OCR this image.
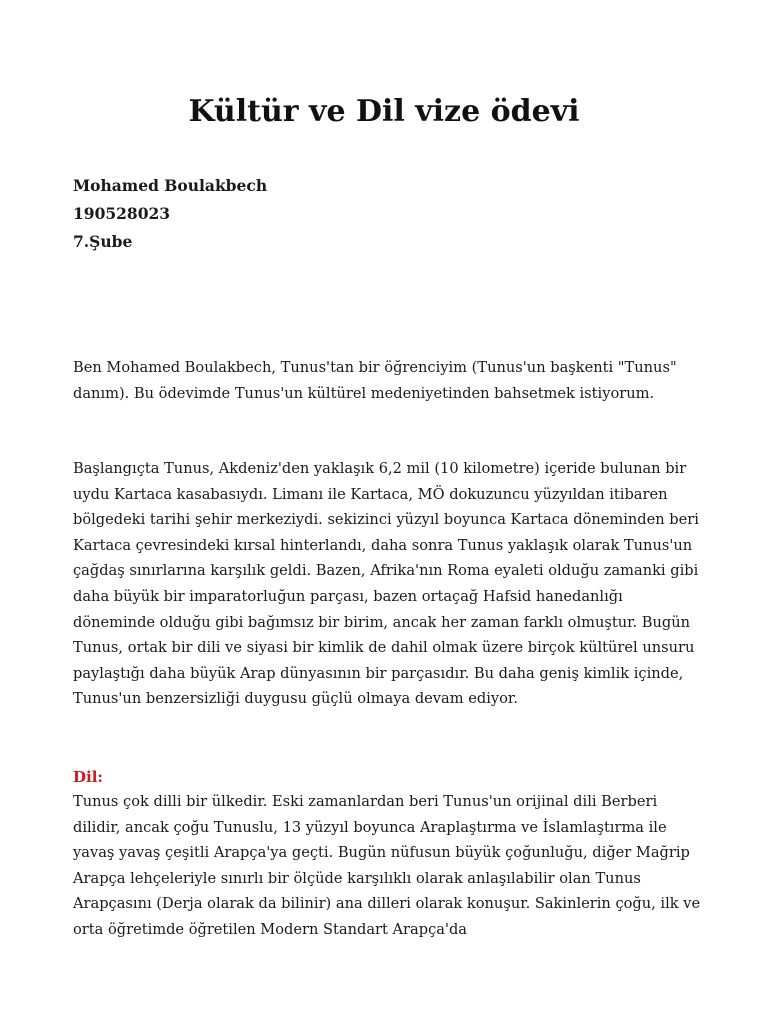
Kültür ve Dil vize ödevi
Mohamed Boulakbech
190528023
7.Şube

Ben Mohamed Boulakbech, Tunus'tan bir öğrenciyim (Tunus'un başkenti "Tunus" danım). Bu ödevimde Tunus'un kültürel medeniyetinden bahsetmek istiyorum.

Başlangıçta Tunus, Akdeniz'den yaklaşık 6,2 mil (10 kilometre) içeride bulunan bir uydu Kartaca kasabasıydı. Limanı ile Kartaca, MÖ dokuzuncu yüzyıldan itibaren bölgedeki tarihi şehir merkeziydi. sekizinci yüzyıl boyunca Kartaca döneminden beri Kartaca çevresindeki kırsal hinterlandı, daha sonra Tunus yaklaşık olarak Tunus'un çağdaş sınırlarına karşılık geldi. Bazen, Afrika'nın Roma eyaleti olduğu zamanki gibi daha büyük bir imparatorluğun parçası, bazen ortaçağ Hafsid hanedanlığı döneminde olduğu gibi bağımsız bir birim, ancak her zaman farklı olmuştur. Bugün Tunus, ortak bir dili ve siyasi bir kimlik de dahil olmak üzere birçok kültürel unsuru paylaştığı daha büyük Arap dünyasının bir parçasıdır. Bu daha geniş kimlik içinde, Tunus'un benzersizliği duygusu güçlü olmaya devam ediyor.

Dil:

Tunus çok dilli bir ülkedir. Eski zamanlardan beri Tunus'un orijinal dili Berberi dilidir, ancak çoğu Tunuslu, 13 yüzyıl boyunca Araplaştırma ve İslamlaştırma ile yavaş yavaş çeşitli Arapça'ya geçti. Bugün nüfusun büyük çoğunluğu, diğer Mağrip Arapça lehçeleriyle sınırlı bir ölçüde karşılıklı olarak anlaşılabilir olan Tunus Arapçasını (Derja olarak da bilinir) ana dilleri olarak konuşur. Sakinlerin çoğu, ilk ve orta öğretimde öğretilen Modern Standart Arapça'da
